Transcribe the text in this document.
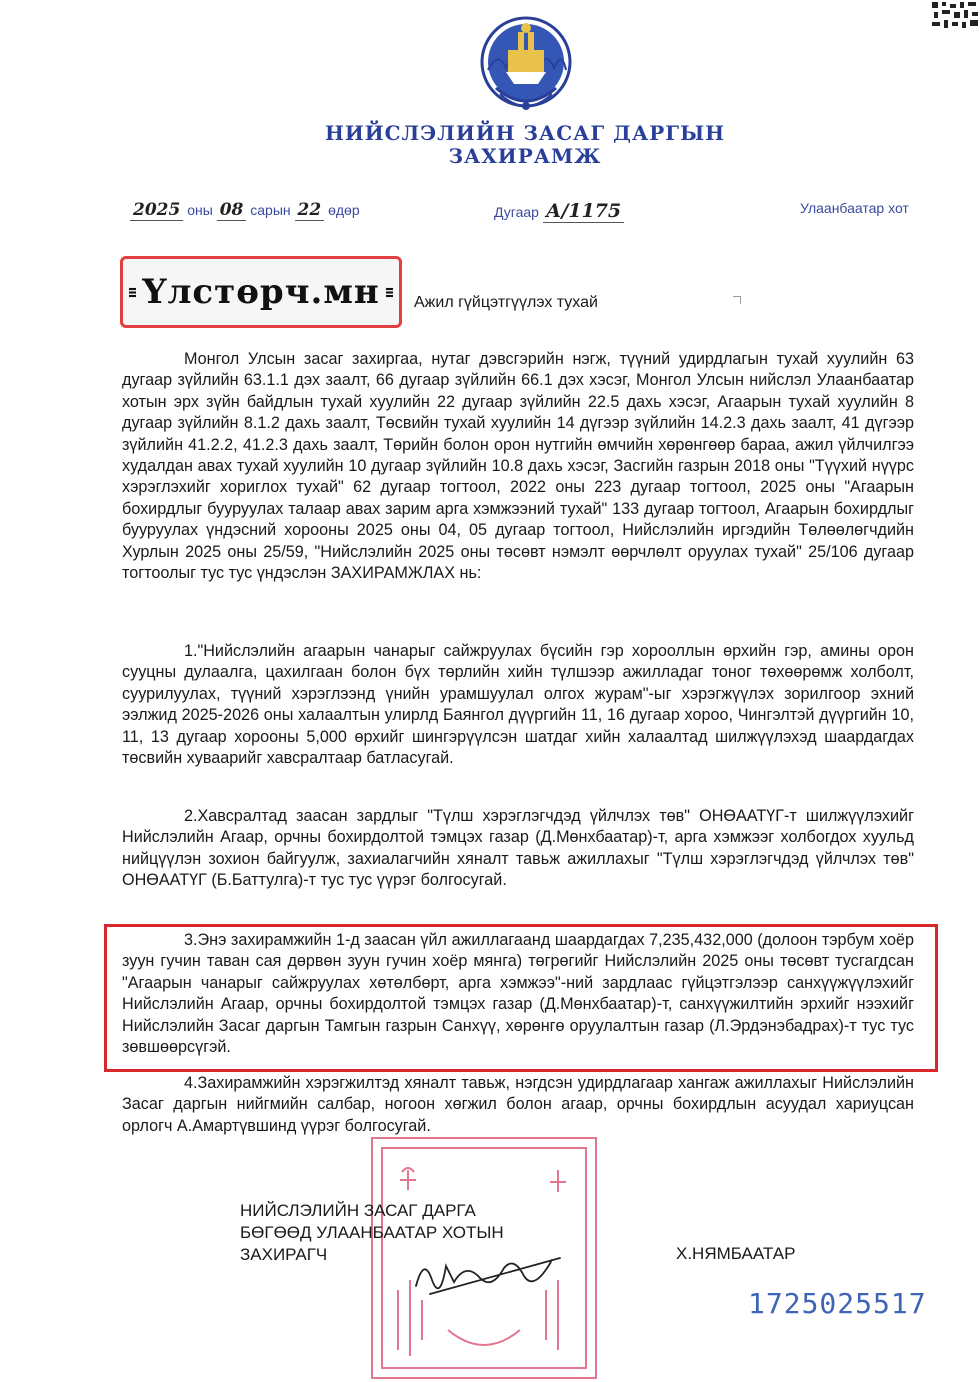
НИЙСЛЭЛИЙН ЗАСАГ ДАРГЫН
ЗАХИРАМЖ
2025 оны 08 сарын 22 өдөр	Дугаар А/1175	Улаанбаатар хот
Үлстөрч.мн Ажил гүйцэтгүүлэх тухай
Монгол Улсын засаг захиргаа, нутаг дэвсгэрийн нэгж, түүний удирдлагын тухай хуулийн 63 дугаар зүйлийн 63.1.1 дэх заалт, 66 дугаар зүйлийн 66.1 дэх хэсэг, Монгол Улсын нийслэл Улаанбаатар хотын эрх зүйн байдлын тухай хуулийн 22 дугаар зүйлийн 22.5 дахь хэсэг, Агаарын тухай хуулийн 8 дугаар зүйлийн 8.1.2 дахь заалт, Төсвийн тухай хуулийн 14 дүгээр зүйлийн 14.2.3 дахь заалт, 41 дүгээр зүйлийн 41.2.2, 41.2.3 дахь заалт, Төрийн болон орон нутгийн өмчийн хөрөнгөөр бараа, ажил үйлчилгээ худалдан авах тухай хуулийн 10 дугаар зүйлийн 10.8 дахь хэсэг, Засгийн газрын 2018 оны "Түүхий нүүрс хэрэглэхийг хориглох тухай" 62 дугаар тогтоол, 2022 оны 223 дугаар тогтоол, 2025 оны "Агаарын бохирдлыг бууруулах талаар авах зарим арга хэмжээний тухай" 133 дугаар тогтоол, Агаарын бохирдлыг бууруулах үндэсний хорооны 2025 оны 04, 05 дугаар тогтоол, Нийслэлийн иргэдийн Төлөөлөгчдийн Хурлын 2025 оны 25/59, "Нийслэлийн 2025 оны төсөвт нэмэлт өөрчлөлт оруулах тухай" 25/106 дугаар тогтоолыг тус тус үндэслэн ЗАХИРАМЖЛАХ нь:
1."Нийслэлийн агаарын чанарыг сайжруулах бүсийн гэр хорооллын өрхийн гэр, амины орон сууцны дулаалга, цахилгаан болон бүх төрлийн хийн түлшээр ажилладаг тоног төхөөрөмж холболт, суурилуулах, түүний хэрэглээнд үнийн урамшуулал олгох журам"-ыг хэрэгжүүлэх зорилгоор эхний ээлжид 2025-2026 оны халаалтын улирлд Баянгол дүүргийн 11, 16 дугаар хороо, Чингэлтэй дүүргийн 10, 11, 13 дугаар хорооны 5,000 өрхийг шингэрүүлсэн шатдаг хийн халаалтад шилжүүлэхэд шаардагдах төсвийн хуваарийг хавсралтаар батласугай.
2.Хавсралтад заасан зардлыг "Түлш хэрэглэгчдэд үйлчлэх төв" ОНӨААТҮГ-т шилжүүлэхийг Нийслэлийн Агаар, орчны бохирдолтой тэмцэх газар (Д.Мөнхбаатар)-т, арга хэмжээг холбогдох хуульд нийцүүлэн зохион байгуулж, захиалагчийн хяналт тавьж ажиллахыг "Түлш хэрэглэгчдэд үйлчлэх төв" ОНӨААТҮГ (Б.Баттулга)-т тус тус үүрэг болгосугай.
3.Энэ захирамжийн 1-д заасан үйл ажиллагаанд шаардагдах 7,235,432,000 (долоон тэрбум хоёр зуун гучин таван сая дөрвөн зуун гучин хоёр мянга) төгрөгийг Нийслэлийн 2025 оны төсөвт тусгагдсан "Агаарын чанарыг сайжруулах хөтөлбөрт, арга хэмжээ"-ний зардлаас гүйцэтгэлээр санхүүжүүлэхийг Нийслэлийн Агаар, орчны бохирдолтой тэмцэх газар (Д.Мөнхбаатар)-т, санхүүжилтийн эрхийг нээхийг Нийслэлийн Засаг даргын Тамгын газрын Санхүү, хөрөнгө оруулалтын газар (Л.Эрдэнэбадрах)-т тус тус зөвшөөрсүгэй.
4.Захирамжийн хэрэгжилтэд хяналт тавьж, нэгдсэн удирдлагаар хангаж ажиллахыг Нийслэлийн Засаг даргын нийгмийн салбар, ногоон хөгжил болон агаар, орчны бохирдлын асуудал хариуцсан орлогч А.Амартүвшинд үүрэг болгосугай.
НИЙСЛЭЛИЙН ЗАСАГ ДАРГА
БӨГӨӨД УЛААНБААТАР ХОТЫН
ЗАХИРАГЧ	Х.НЯМБААТАР
1725025517
